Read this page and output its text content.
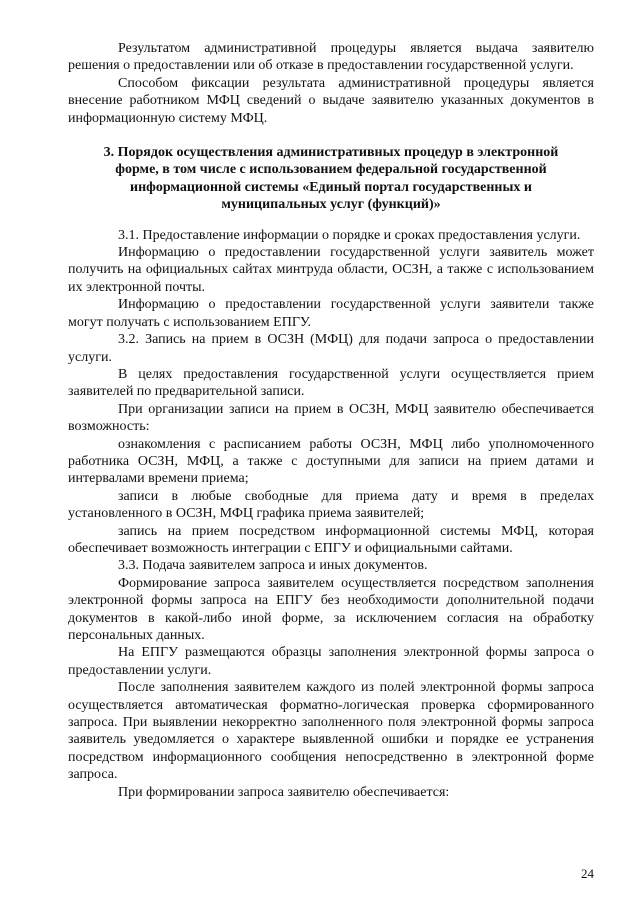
Результатом административной процедуры является выдача заявителю решения о предоставлении или об отказе в предоставлении государственной услуги.

Способом фиксации результата административной процедуры является внесение работником МФЦ сведений о выдаче заявителю указанных документов в информационную систему МФЦ.

3. Порядок осуществления административных процедур в электронной форме, в том числе с использованием федеральной государственной информационной системы «Единый портал государственных и муниципальных услуг (функций)»

3.1. Предоставление информации о порядке и сроках предоставления услуги.

Информацию о предоставлении государственной услуги заявитель может получить на официальных сайтах минтруда области, ОСЗН, а также с использованием их электронной почты.

Информацию о предоставлении государственной услуги заявители также могут получать с использованием ЕПГУ.

3.2. Запись на прием в ОСЗН (МФЦ) для подачи запроса о предоставлении услуги.

В целях предоставления государственной услуги осуществляется прием заявителей по предварительной записи.

При организации записи на прием в ОСЗН, МФЦ заявителю обеспечивается возможность:

ознакомления с расписанием работы ОСЗН, МФЦ либо уполномоченного работника ОСЗН, МФЦ, а также с доступными для записи на прием датами и интервалами времени приема;

записи в любые свободные для приема дату и время в пределах установленного в ОСЗН, МФЦ графика приема заявителей;

запись на прием посредством информационной системы МФЦ, которая обеспечивает возможность интеграции с ЕПГУ и официальными сайтами.

3.3. Подача заявителем запроса и иных документов.

Формирование запроса заявителем осуществляется посредством заполнения электронной формы запроса на ЕПГУ без необходимости дополнительной подачи документов в какой-либо иной форме, за исключением согласия на обработку персональных данных.

На ЕПГУ размещаются образцы заполнения электронной формы запроса о предоставлении услуги.

После заполнения заявителем каждого из полей электронной формы запроса осуществляется автоматическая форматно-логическая проверка сформированного запроса. При выявлении некорректно заполненного поля электронной формы запроса заявитель уведомляется о характере выявленной ошибки и порядке ее устранения посредством информационного сообщения непосредственно в электронной форме запроса.

При формировании запроса заявителю обеспечивается:

24
